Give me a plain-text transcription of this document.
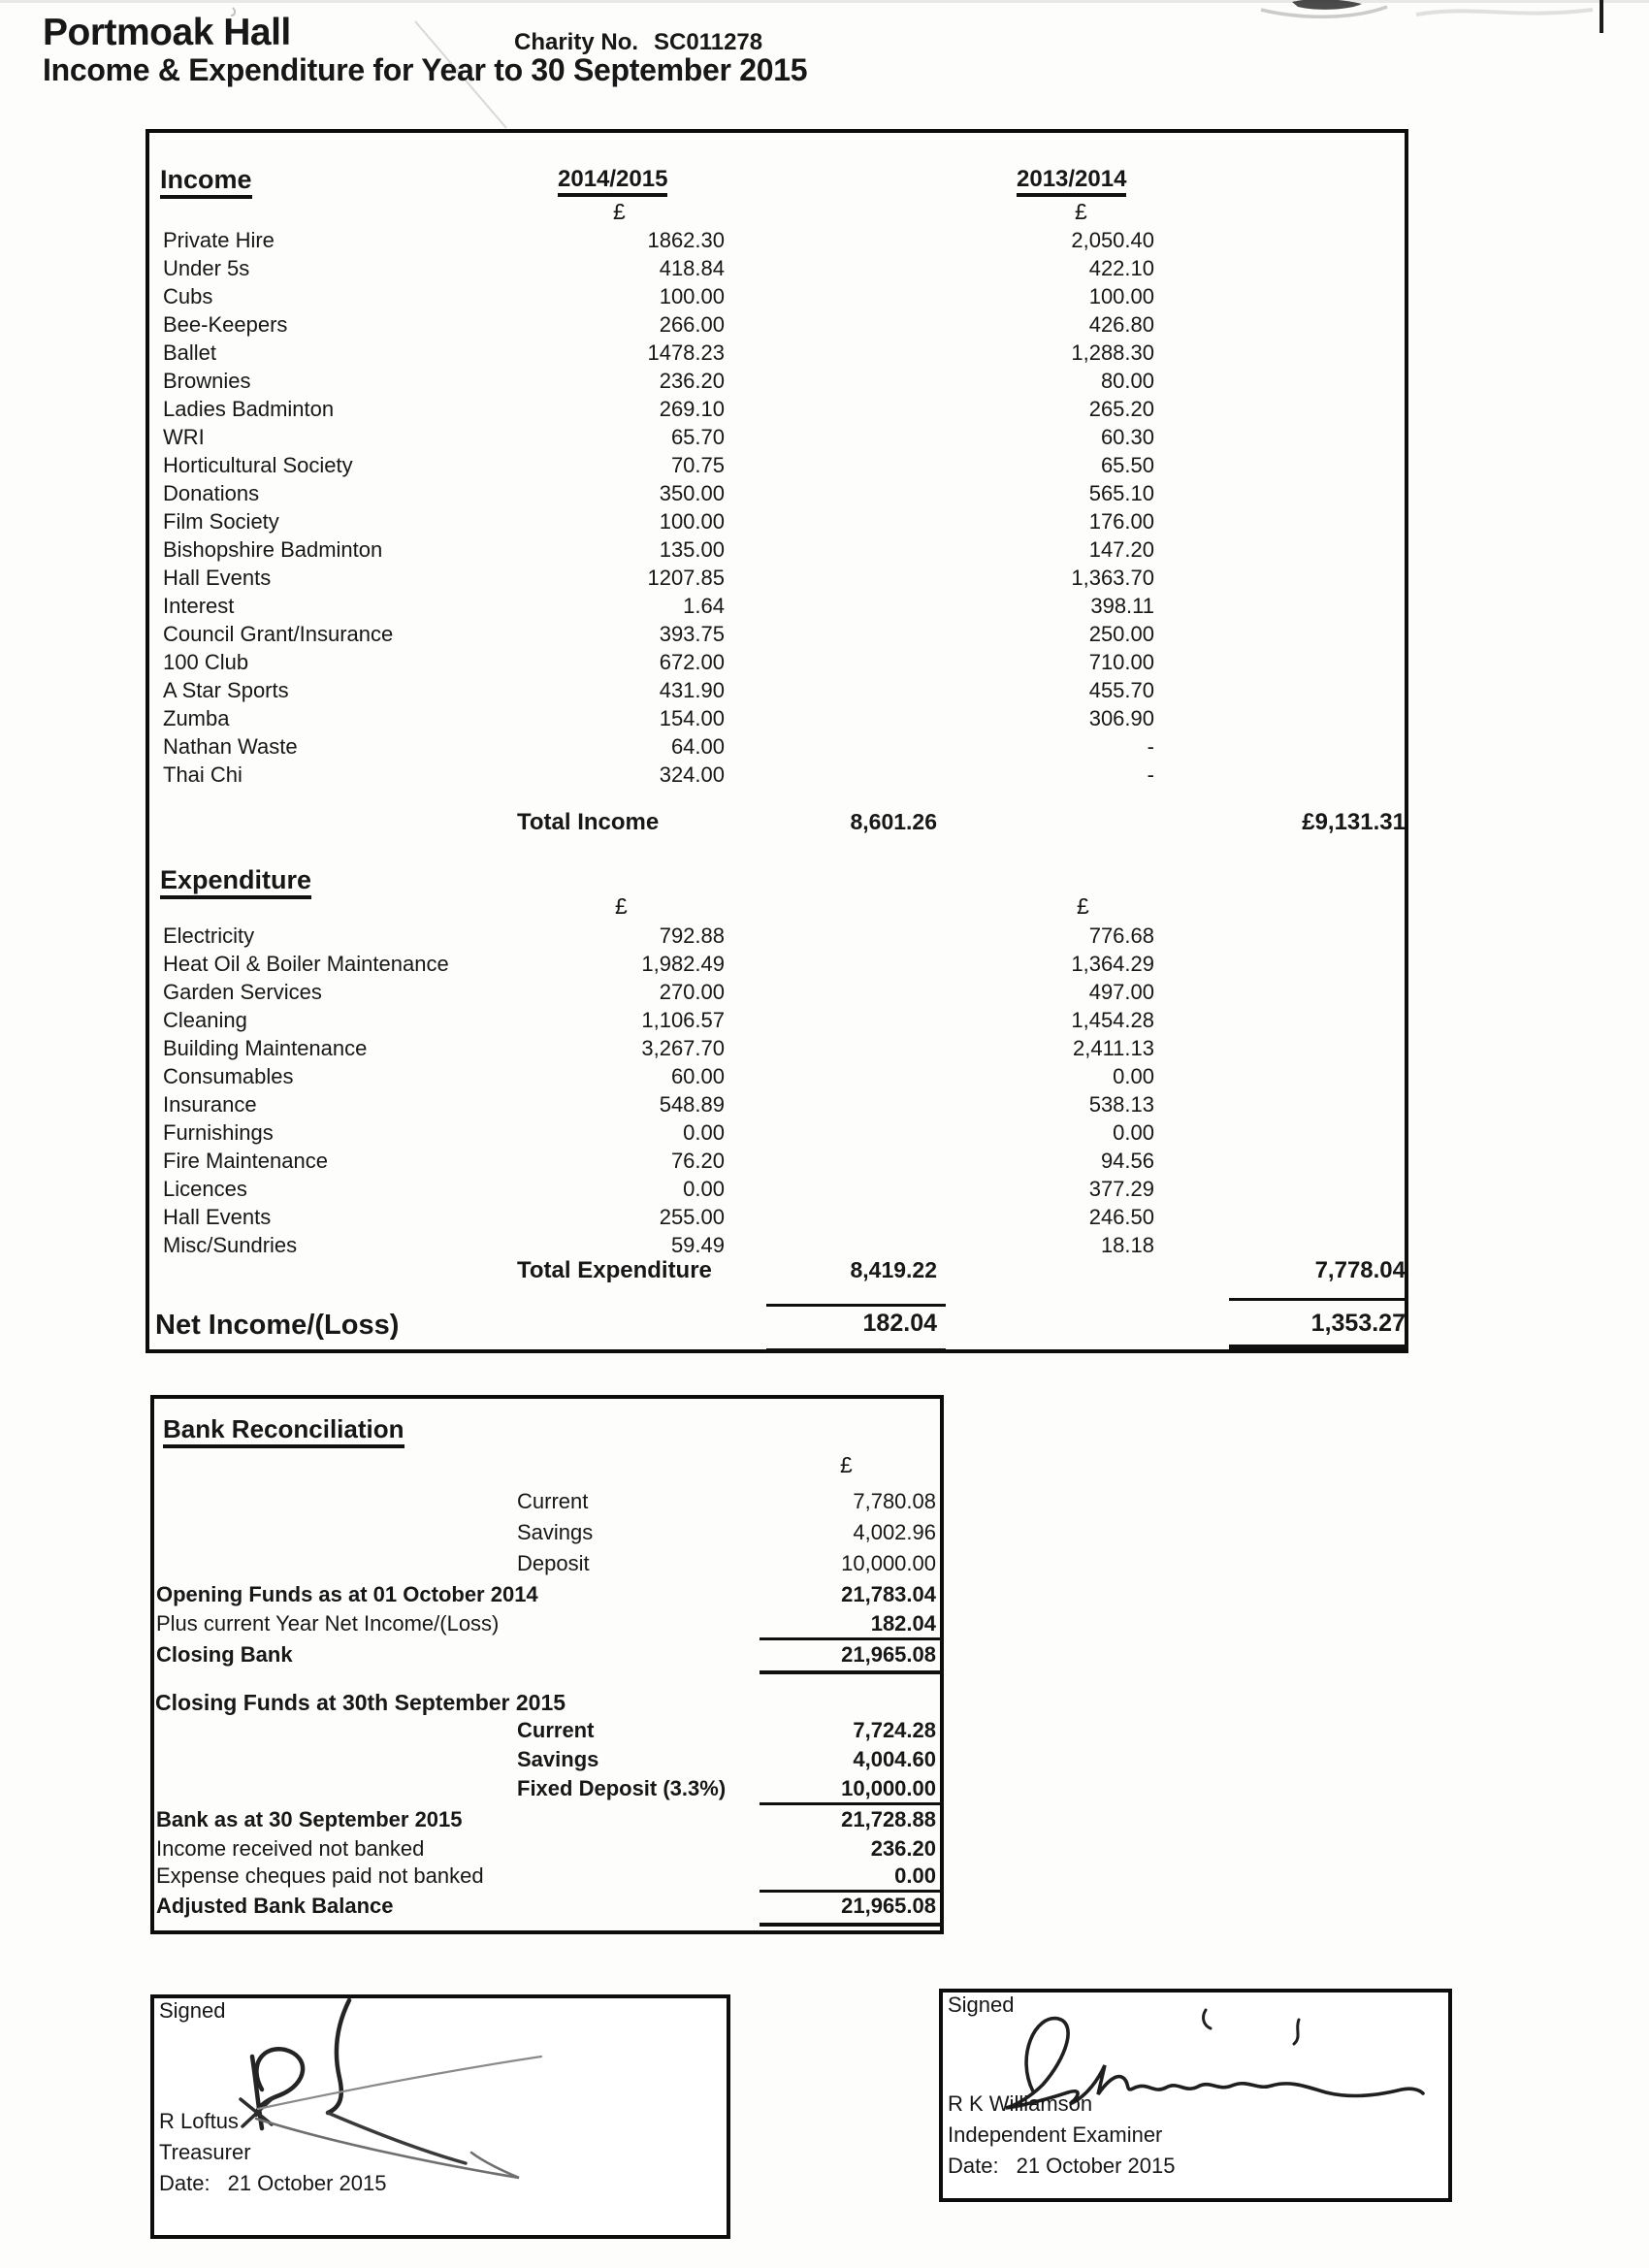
Portmoak Hall	Charity No. SC011278
Income & Expenditure for Year to 30 September 2015
Income	2014/2015	2013/2014
£	£
Private Hire	1862.30	2,050.40
Under 5s	418.84	422.10
Cubs	100.00	100.00
Bee-Keepers	266.00	426.80
Ballet	1478.23	1,288.30
Brownies	236.20	80.00
Ladies Badminton	269.10	265.20
WRI	65.70	60.30
Horticultural Society	70.75	65.50
Donations	350.00	565.10
Film Society	100.00	176.00
Bishopshire Badminton	135.00	147.20
Hall Events	1207.85	1,363.70
Interest	1.64	398.11
Council Grant/Insurance	393.75	250.00
100 Club	672.00	710.00
A Star Sports	431.90	455.70
Zumba	154.00	306.90
Nathan Waste	64.00	-
Thai Chi	324.00	-
Total Income	8,601.26	£9,131.31
Expenditure
£	£
Electricity	792.88	776.68
Heat Oil & Boiler Maintenance	1,982.49	1,364.29
Garden Services	270.00	497.00
Cleaning	1,106.57	1,454.28
Building Maintenance	3,267.70	2,411.13
Consumables	60.00	0.00
Insurance	548.89	538.13
Furnishings	0.00	0.00
Fire Maintenance	76.20	94.56
Licences	0.00	377.29
Hall Events	255.00	246.50
Misc/Sundries	59.49	18.18
Total Expenditure	8,419.22	7,778.04
Net Income/(Loss)	182.04	1,353.27
Bank Reconciliation
£
Current	7,780.08
Savings	4,002.96
Deposit	10,000.00
Opening Funds as at 01 October 2014	21,783.04
Plus current Year Net Income/(Loss)	182.04
Closing Bank	21,965.08
Closing Funds at 30th September 2015
Current	7,724.28
Savings	4,004.60
Fixed Deposit (3.3%)	10,000.00
Bank as at 30 September 2015	21,728.88
Income received not banked	236.20
Expense cheques paid not banked	0.00
Adjusted Bank Balance	21,965.08
Signed
R Loftus
Treasurer
Date: 21 October 2015
Signed
R K Williamson
Independent Examiner
Date: 21 October 2015
